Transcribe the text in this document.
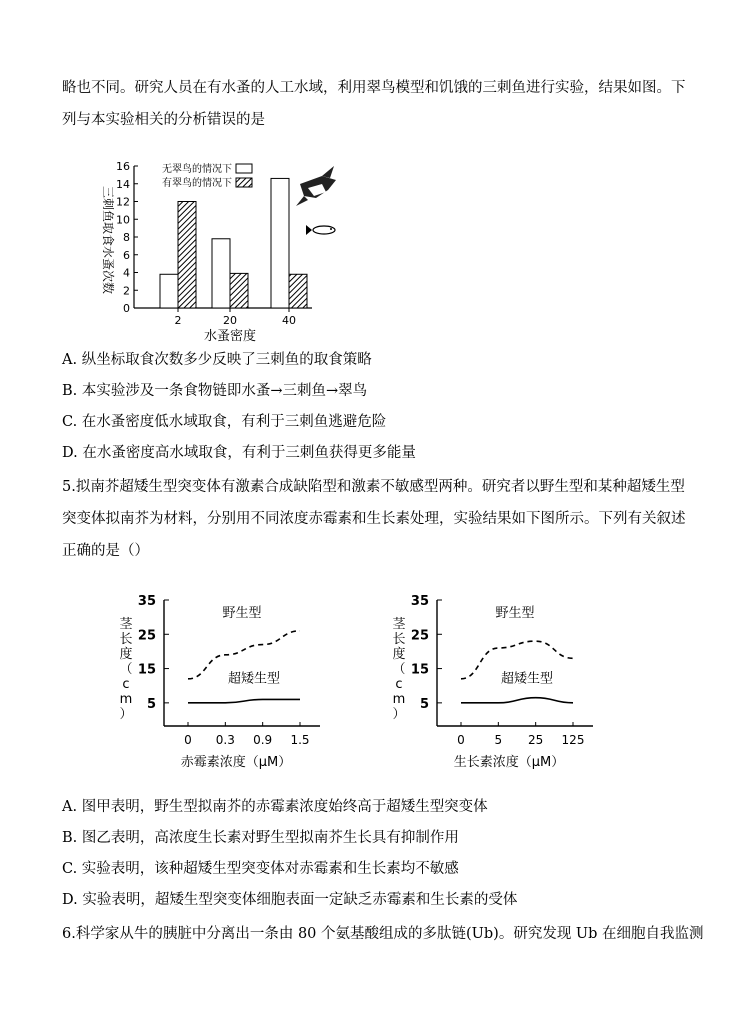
略也不同。研究人员在有水蚤的人工水域，利用翠鸟模型和饥饿的三刺鱼进行实验，结果如图。下
列与本实验相关的分析错误的是
三刺鱼取食水蚤次数
0
2
4
6
8
10
12
14
16
2	20	40
无翠鸟的情况下
有翠鸟的情况下
水蚤密度
A. 纵坐标取食次数多少反映了三刺鱼的取食策略
B. 本实验涉及一条食物链即水蚤→三刺鱼→翠鸟
C. 在水蚤密度低水域取食，有利于三刺鱼逃避危险
D. 在水蚤密度高水域取食，有利于三刺鱼获得更多能量
5.拟南芥超矮生型突变体有激素合成缺陷型和激素不敏感型两种。研究者以野生型和某种超矮生型
突变体拟南芥为材料，分别用不同浓度赤霉素和生长素处理，实验结果如下图所示。下列有关叙述
正确的是（）
5
15
25
35
0 0.3 0.9 1.5
茎长度（ c m ）
赤霉素浓度（μM）
野生型
超矮生型
5
15
25
35
0 5 25 125
茎长度（ c m ）
生长素浓度（μM）
野生型
超矮生型
A. 图甲表明，野生型拟南芥的赤霉素浓度始终高于超矮生型突变体
B. 图乙表明，高浓度生长素对野生型拟南芥生长具有抑制作用
C. 实验表明，该种超矮生型突变体对赤霉素和生长素均不敏感
D. 实验表明，超矮生型突变体细胞表面一定缺乏赤霉素和生长素的受体
6.科学家从牛的胰脏中分离出一条由 80 个氨基酸组成的多肽链(Ub)。研究发现 Ub 在细胞自我监测
